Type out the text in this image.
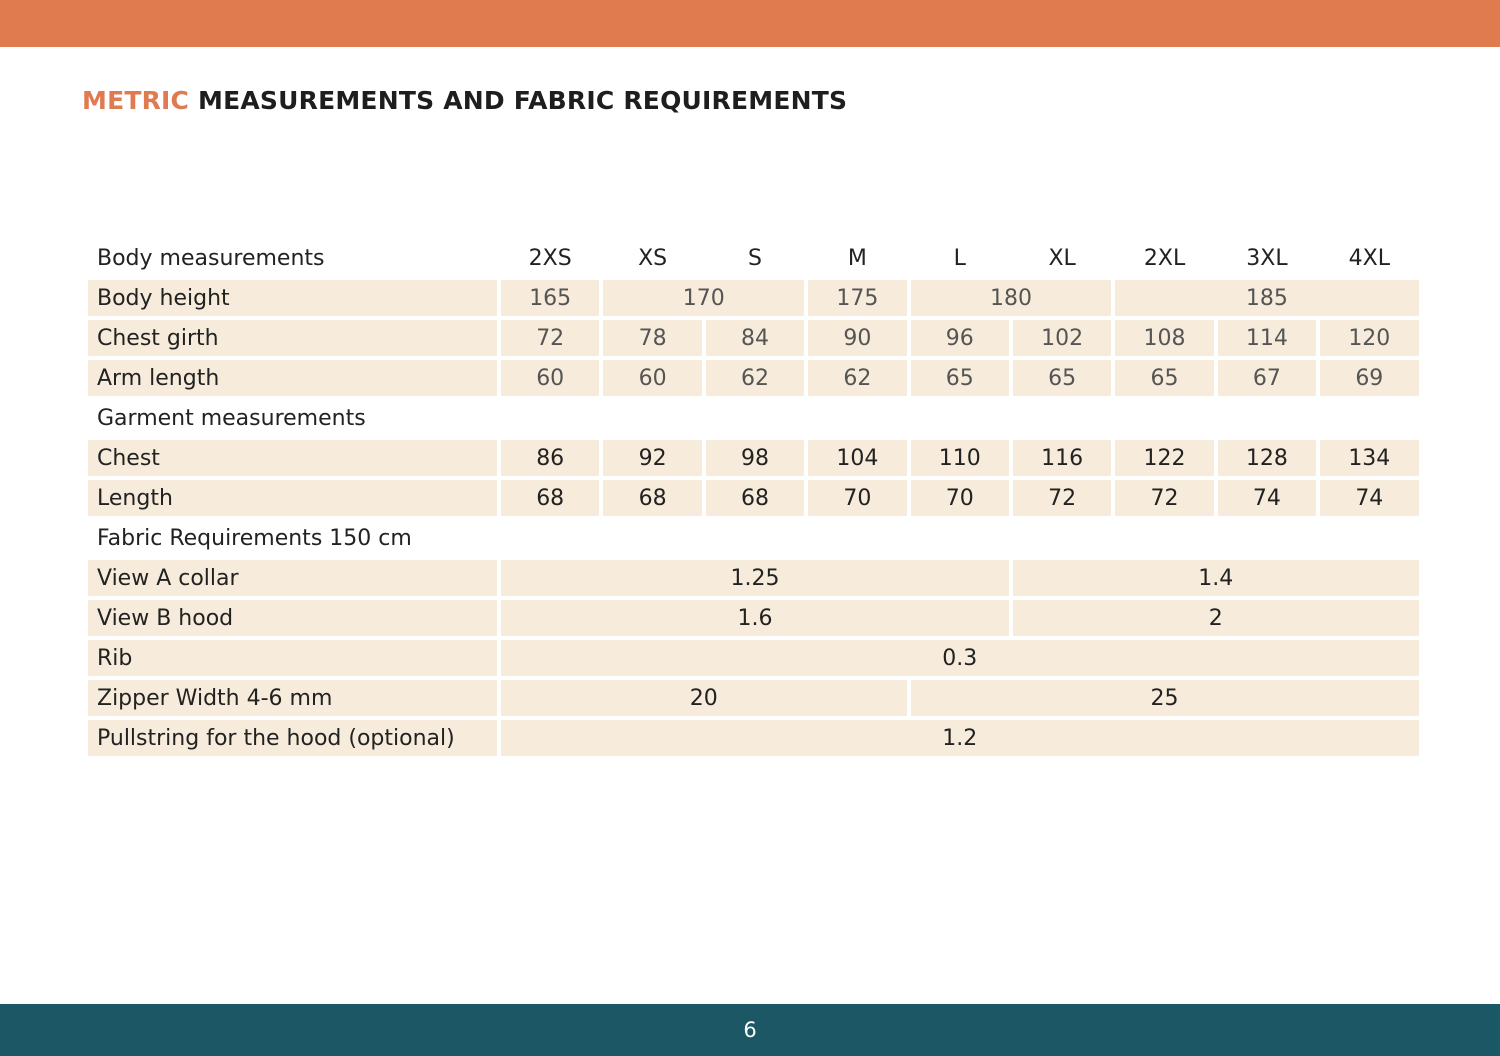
METRIC MEASUREMENTS AND FABRIC REQUIREMENTS
Body measurements	2XS	XS	S	M	L	XL	2XL	3XL	4XL
Body height	165	170		175	180		185		
Chest girth	72	78	84	90	96	102	108	114	120
Arm length	60	60	62	62	65	65	65	67	69
Garment measurements									
Chest	86	92	98	104	110	116	122	128	134
Length	68	68	68	70	70	72	72	74	74
Fabric Requirements 150 cm									
View A collar	1.25					1.4			
View B hood	1.6					2			
Rib	0.3								
Zipper Width 4-6 mm	20				25				
Pullstring for the hood (optional)	1.2								
6
